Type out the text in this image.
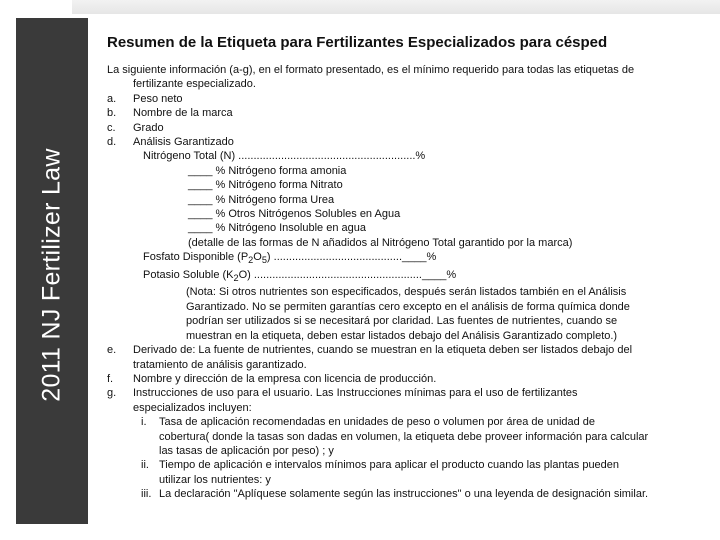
2011 NJ Fertilizer Law
Resumen de la Etiqueta para Fertilizantes Especializados para césped

La siguiente información (a-g), en el formato presentado, es el mínimo requerido para todas las etiquetas de

fertilizante especializado.

a. Peso neto

b. Nombre de la marca

c. Grado

d. Análisis Garantizado

Nitrógeno Total (N) ..........................................................%

____ % Nitrógeno forma amonia

____ % Nitrógeno forma Nitrato

____ % Nitrógeno forma Urea

____ % Otros Nitrógenos Solubles en Agua

____ % Nitrógeno Insoluble en agua

(detalle de las formas de N añadidos al Nitrógeno Total garantido por la marca)

Fosfato Disponible $(P_2O_5)$ ..........................................____%

Potasio Soluble $(K_2O)$ .......................................................____%

(Nota: Si otros nutrientes son especificados, después serán listados también en el Análisis

Garantizado. No se permiten garantías cero excepto en el análisis de forma química donde

podrían ser utilizados si se necesitará por claridad. Las fuentes de nutrientes, cuando se

muestran en la etiqueta, deben estar listados debajo del Análisis Garantizado completo.)

e. Derivado de: La fuente de nutrientes, cuando se muestran en la etiqueta deben ser listados debajo del

tratamiento de análisis garantizado.

f. Nombre y dirección de la empresa con licencia de producción.

g. Instrucciones de uso para el usuario. Las Instrucciones mínimas para el uso de fertilizantes

especializados incluyen:

i. Tasa de aplicación recomendadas en unidades de peso o volumen por área de unidad de

cobertura( donde la tasas son dadas en volumen, la etiqueta debe proveer información para calcular

las tasas de aplicación por peso) ; y

ii. Tiempo de aplicación e intervalos mínimos para aplicar el producto cuando las plantas pueden

utilizar los nutrientes: y

iii. La declaración "Aplíquese solamente según las instrucciones" o una leyenda de designación similar.
